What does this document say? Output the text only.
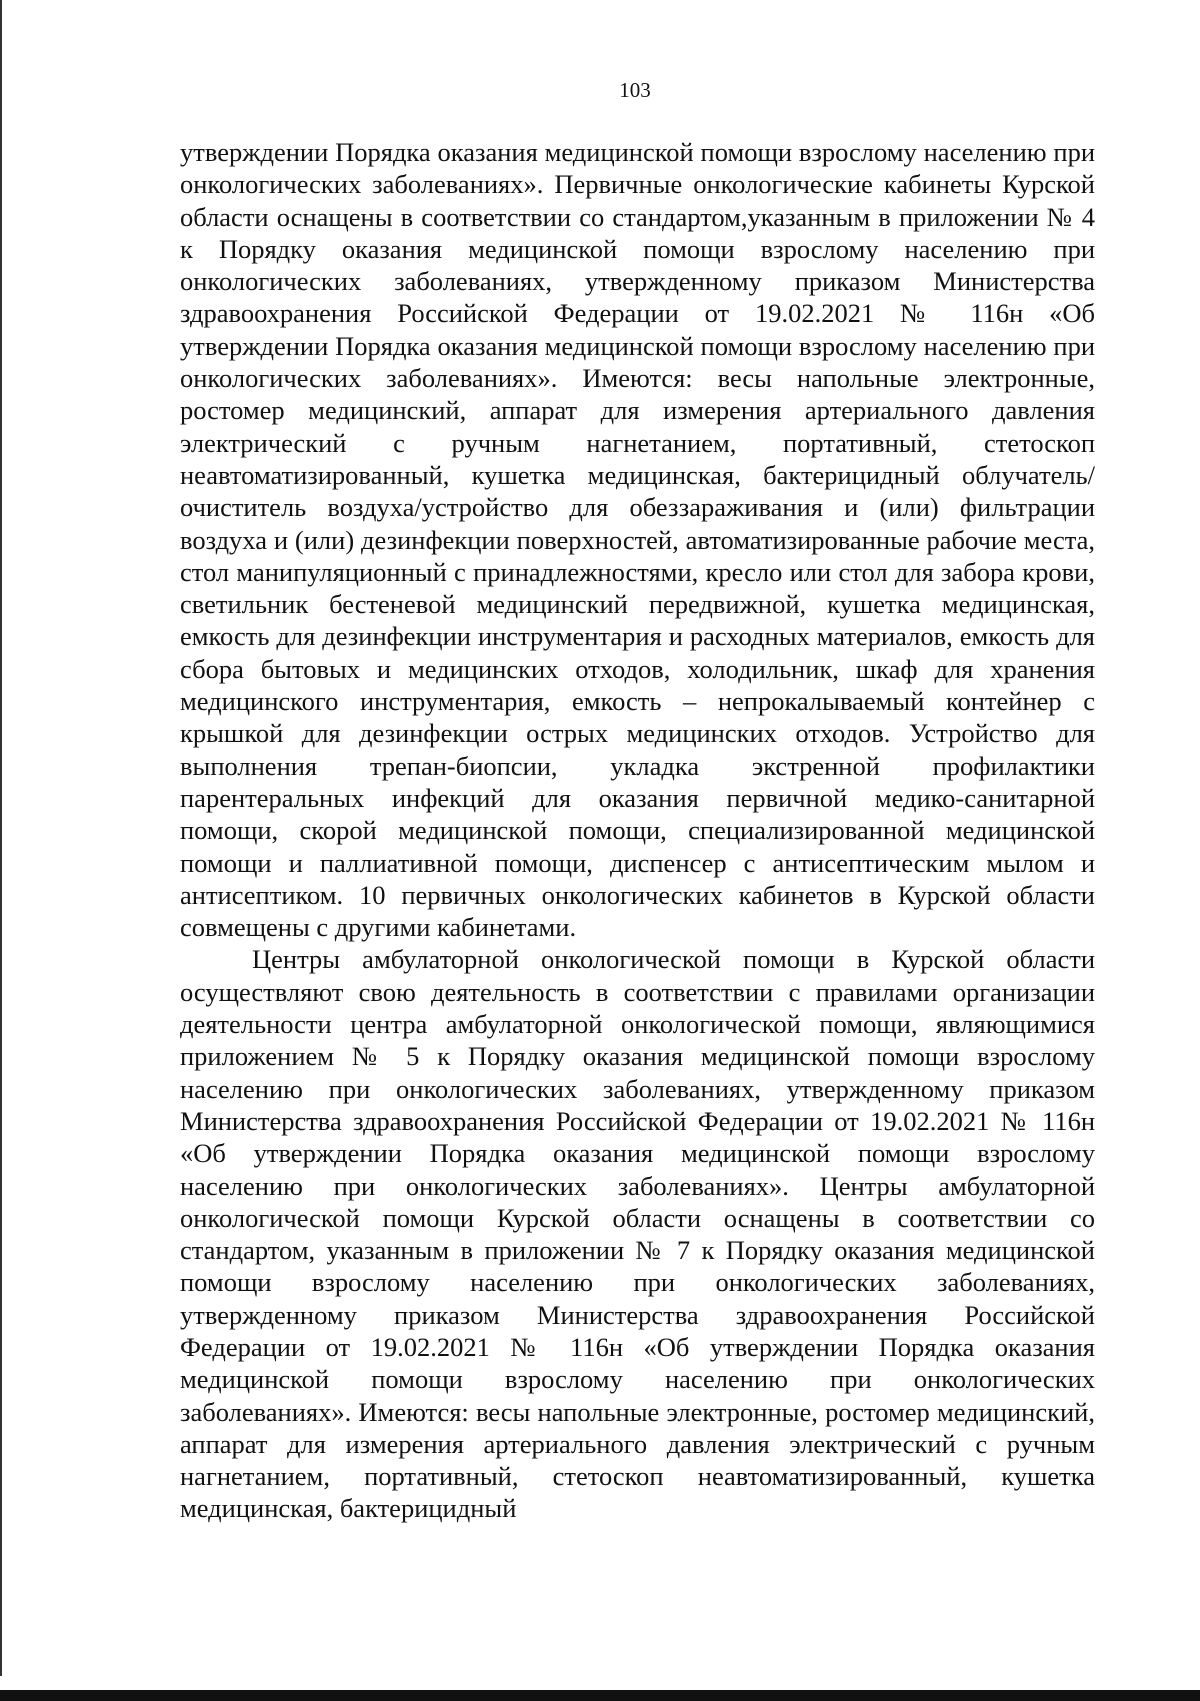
103

утверждении Порядка оказания медицинской помощи взрослому населению при онкологических заболеваниях». Первичные онкологические кабинеты Курской области оснащены в соответствии со стандартом,указанным в приложении № 4 к Порядку оказания медицинской помощи взрослому населению при онкологических заболеваниях, утвержденному приказом Министерства здравоохранения Российской Федерации от 19.02.2021 № 116н «Об утверждении Порядка оказания медицинской помощи взрослому населению при онкологических заболеваниях». Имеются: весы напольные электронные, ростомер медицинский, аппарат для измерения артериального давления электрический с ручным нагнетанием, портативный, стетоскоп неавтоматизированный, кушетка медицинская, бактерицидный облучатель/очиститель воздуха/устройство для обеззараживания и (или) фильтрации воздуха и (или) дезинфекции поверхностей, автоматизированные рабочие места, стол манипуляционный с принадлежностями, кресло или стол для забора крови, светильник бестеневой медицинский передвижной, кушетка медицинская, емкость для дезинфекции инструментария и расходных материалов, емкость для сбора бытовых и медицинских отходов, холодильник, шкаф для хранения медицинского инструментария, емкость – непрокалываемый контейнер с крышкой для дезинфекции острых медицинских отходов. Устройство для выполнения трепан-биопсии, укладка экстренной профилактики парентеральных инфекций для оказания первичной медико-санитарной помощи, скорой медицинской помощи, специализированной медицинской помощи и паллиативной помощи, диспенсер с антисептическим мылом и антисептиком. 10 первичных онкологических кабинетов в Курской области совмещены с другими кабинетами.

Центры амбулаторной онкологической помощи в Курской области осуществляют свою деятельность в соответствии с правилами организации деятельности центра амбулаторной онкологической помощи, являющимися приложением № 5 к Порядку оказания медицинской помощи взрослому населению при онкологических заболеваниях, утвержденному приказом Министерства здравоохранения Российской Федерации от 19.02.2021 № 116н «Об утверждении Порядка оказания медицинской помощи взрослому населению при онкологических заболеваниях». Центры амбулаторной онкологической помощи Курской области оснащены в соответствии со стандартом, указанным в приложении № 7 к Порядку оказания медицинской помощи взрослому населению при онкологических заболеваниях, утвержденному приказом Министерства здравоохранения Российской Федерации от 19.02.2021 № 116н «Об утверждении Порядка оказания медицинской помощи взрослому населению при онкологических заболеваниях». Имеются: весы напольные электронные, ростомер медицинский, аппарат для измерения артериального давления электрический с ручным нагнетанием, портативный, стетоскоп неавтоматизированный, кушетка медицинская, бактерицидный
